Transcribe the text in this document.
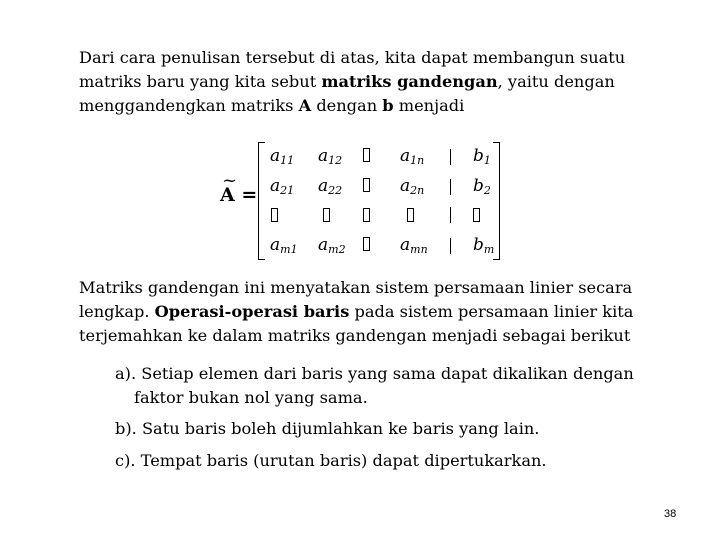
Dari cara penulisan tersebut di atas, kita dapat membangun suatu
matriks baru yang kita sebut matriks gandengan, yaitu dengan
menggandengkan matriks A dengan b menjadi

~
A =
$a_{11}$ $a_{12}$	$a_{1n}$	$b_1$
$a_{21}$ $a_{22}$	$a_{2n}$	$b_2$
$a_{m1}$ $a_{m2}$	$a_{mn}$	$b_m$

Matriks gandengan ini menyatakan sistem persamaan linier secara
lengkap. Operasi-operasi baris pada sistem persamaan linier kita
terjemahkan ke dalam matriks gandengan menjadi sebagai berikut

a). Setiap elemen dari baris yang sama dapat dikalikan dengan
faktor bukan nol yang sama.

b). Satu baris boleh dijumlahkan ke baris yang lain.

c). Tempat baris (urutan baris) dapat dipertukarkan.

38
